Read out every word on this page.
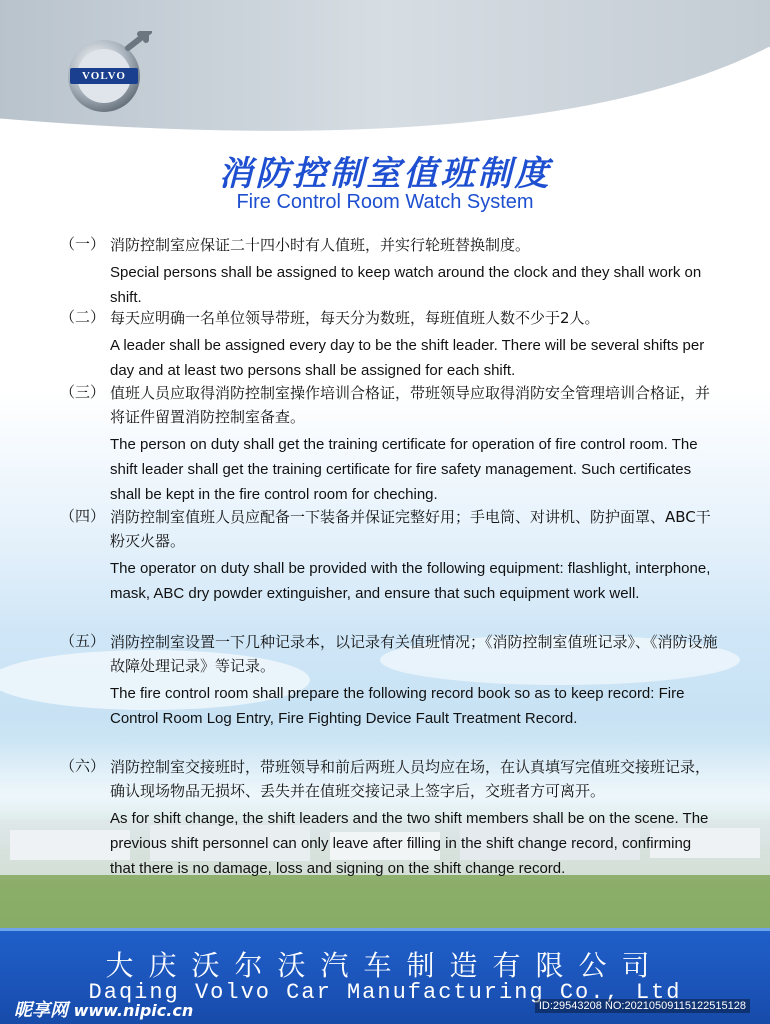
VOLVO
消防控制室值班制度
Fire Control Room Watch System
（一） 消防控制室应保证二十四小时有人值班，并实行轮班替换制度。
Special persons shall be assigned to keep watch around the clock and they shall work on shift.
（二） 每天应明确一名单位领导带班，每天分为数班，每班值班人数不少于2人。
A leader shall be assigned every day to be the shift leader. There will be several shifts per day and at least two persons shall be assigned for each shift.
（三） 值班人员应取得消防控制室操作培训合格证，带班领导应取得消防安全管理培训合格证，并将证件留置消防控制室备查。
The person on duty shall get the training certificate for operation of fire control room. The shift leader shall get the training certificate for fire safety management. Such certificates shall be kept in the fire control room for cheching.
（四） 消防控制室值班人员应配备一下装备并保证完整好用；手电筒、对讲机、防护面罩、ABC干粉灭火器。
The operator on duty shall be provided with the following equipment: flashlight, interphone, mask, ABC dry powder extinguisher, and ensure that such equipment work well.
（五） 消防控制室设置一下几种记录本，以记录有关值班情况；《消防控制室值班记录》、《消防设施故障处理记录》等记录。
The fire control room shall prepare the following record book so as to keep record: Fire Control Room Log Entry, Fire Fighting Device Fault Treatment Record.
（六） 消防控制室交接班时，带班领导和前后两班人员均应在场，在认真填写完值班交接班记录，确认现场物品无损坏、丢失并在值班交接记录上签字后，交班者方可离开。
As for shift change, the shift leaders and the two shift members shall be on the scene. The previous shift personnel can only leave after filling in the shift change record, confirming that there is no damage, loss and signing on the shift change record.
大庆沃尔沃汽车制造有限公司
Daqing Volvo Car Manufacturing Co., Ltd
昵享网 www.nipic.cn	ID:29543208 NO:20210509115122515128
